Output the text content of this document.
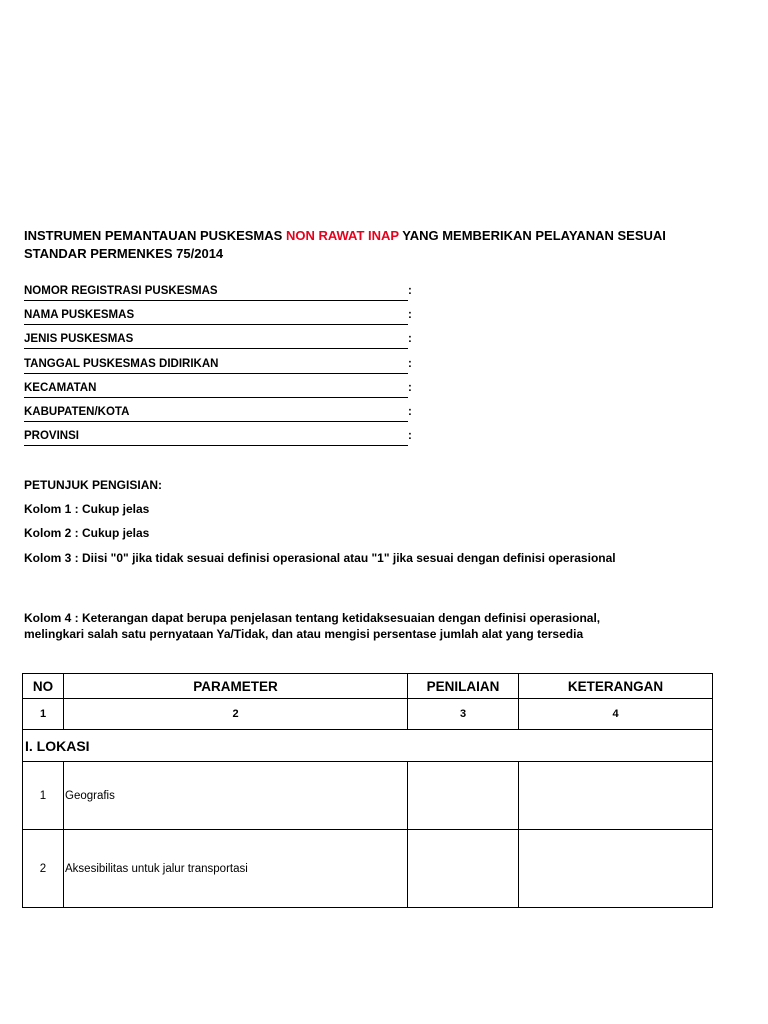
INSTRUMEN PEMANTAUAN PUSKESMAS NON RAWAT INAP YANG MEMBERIKAN PELAYANAN SESUAI
STANDAR PERMENKES 75/2014
NOMOR REGISTRASI PUSKESMAS	:
NAMA PUSKESMAS	:
JENIS PUSKESMAS	:
TANGGAL PUSKESMAS DIDIRIKAN	:
KECAMATAN	:
KABUPATEN/KOTA	:
PROVINSI	:
PETUNJUK PENGISIAN:
Kolom 1 : Cukup jelas
Kolom 2 : Cukup jelas
Kolom 3 : Diisi "0" jika tidak sesuai definisi operasional atau "1" jika sesuai dengan definisi operasional
Kolom 4 : Keterangan dapat berupa penjelasan tentang ketidaksesuaian dengan definisi operasional,
melingkari salah satu pernyataan Ya/Tidak, dan atau mengisi persentase jumlah alat yang tersedia
NO	PARAMETER	PENILAIAN	KETERANGAN
1	2	3	4
I. LOKASI			
1	Geografis		
2	Aksesibilitas untuk jalur transportasi		
